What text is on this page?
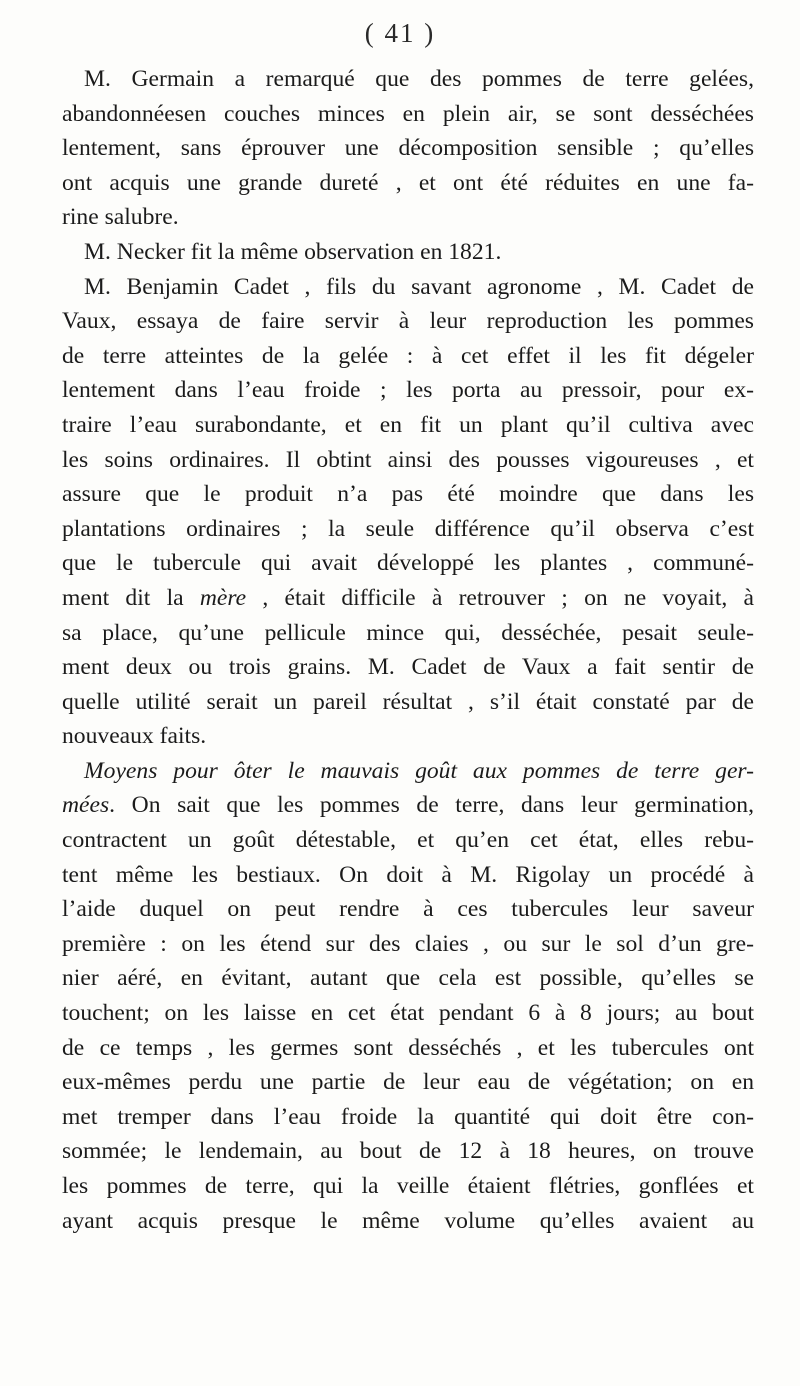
( 41 )
M. Germain a remarqué que des pommes de terre gelées,
abandonnéesen couches minces en plein air, se sont desséchées
lentement, sans éprouver une décomposition sensible ; qu’elles
ont acquis une grande dureté , et ont été réduites en une fa-
rine salubre.
M. Necker fit la même observation en 1821.
M. Benjamin Cadet , fils du savant agronome , M. Cadet de
Vaux, essaya de faire servir à leur reproduction les pommes
de terre atteintes de la gelée : à cet effet il les fit dégeler
lentement dans l’eau froide ; les porta au pressoir, pour ex-
traire l’eau surabondante, et en fit un plant qu’il cultiva avec
les soins ordinaires. Il obtint ainsi des pousses vigoureuses , et
assure que le produit n’a pas été moindre que dans les
plantations ordinaires ; la seule différence qu’il observa c’est
que le tubercule qui avait développé les plantes , communé-
ment dit la mère , était difficile à retrouver ; on ne voyait, à
sa place, qu’une pellicule mince qui, desséchée, pesait seule-
ment deux ou trois grains. M. Cadet de Vaux a fait sentir de
quelle utilité serait un pareil résultat , s’il était constaté par de
nouveaux faits.
Moyens pour ôter le mauvais goût aux pommes de terre ger-
mées. On sait que les pommes de terre, dans leur germination,
contractent un goût détestable, et qu’en cet état, elles rebu-
tent même les bestiaux. On doit à M. Rigolay un procédé à
l’aide duquel on peut rendre à ces tubercules leur saveur
première : on les étend sur des claies , ou sur le sol d’un gre-
nier aéré, en évitant, autant que cela est possible, qu’elles se
touchent; on les laisse en cet état pendant 6 à 8 jours; au bout
de ce temps , les germes sont desséchés , et les tubercules ont
eux-mêmes perdu une partie de leur eau de végétation; on en
met tremper dans l’eau froide la quantité qui doit être con-
sommée; le lendemain, au bout de 12 à 18 heures, on trouve
les pommes de terre, qui la veille étaient flétries, gonflées et
ayant acquis presque le même volume qu’elles avaient au
